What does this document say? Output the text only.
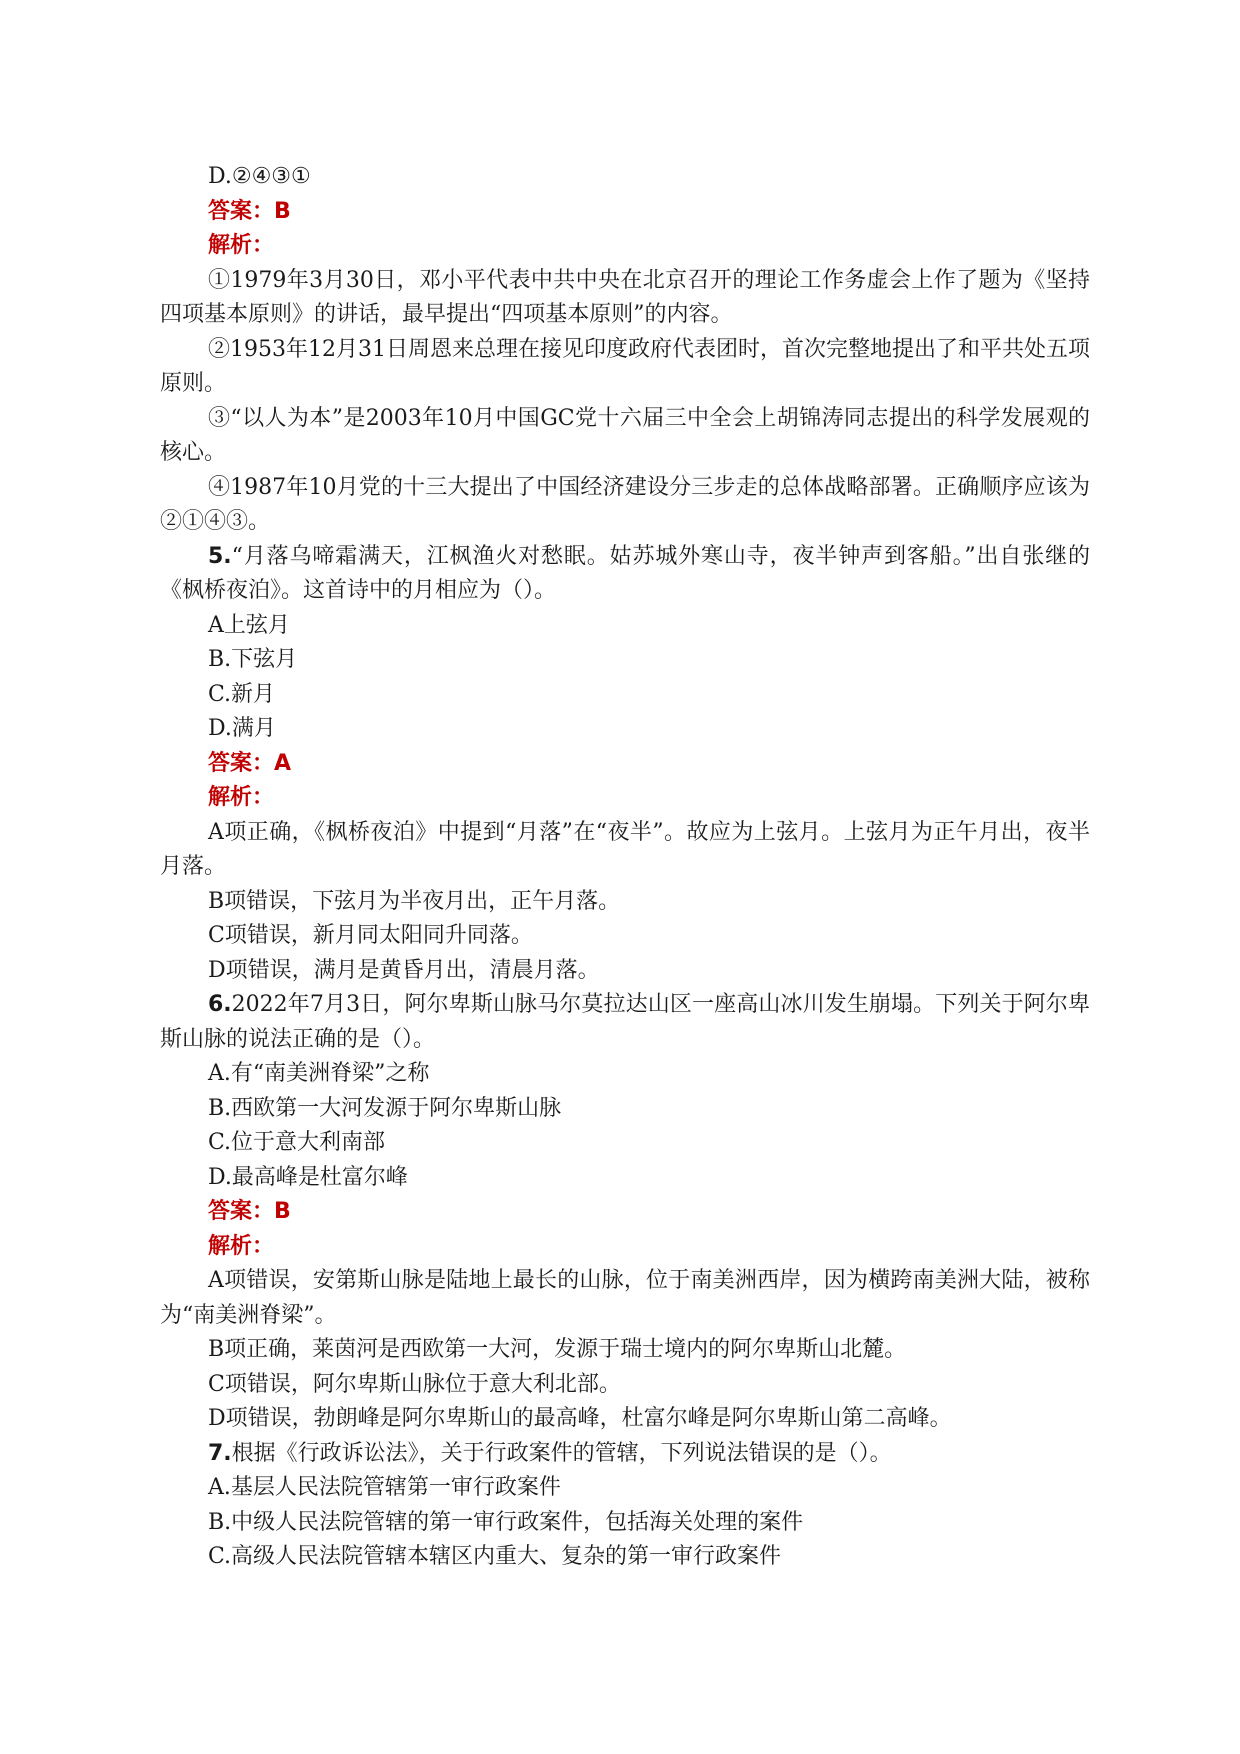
D.②④③①

答案：B

解析：

①1979年3月30日，邓小平代表中共中央在北京召开的理论工作务虚会上作了题为《坚持四项基本原则》的讲话，最早提出“四项基本原则”的内容。

②1953年12月31日周恩来总理在接见印度政府代表团时，首次完整地提出了和平共处五项原则。

③“以人为本”是2003年10月中国GC党十六届三中全会上胡锦涛同志提出的科学发展观的核心。

④1987年10月党的十三大提出了中国经济建设分三步走的总体战略部署。正确顺序应该为②①④③。

5.“月落乌啼霜满天，江枫渔火对愁眠。姑苏城外寒山寺，夜半钟声到客船。”出自张继的《枫桥夜泊》。这首诗中的月相应为（）。

A上弦月

B.下弦月

C.新月

D.满月

答案：A

解析：

A项正确，《枫桥夜泊》中提到“月落”在“夜半”。故应为上弦月。上弦月为正午月出，夜半月落。

B项错误，下弦月为半夜月出，正午月落。

C项错误，新月同太阳同升同落。

D项错误，满月是黄昏月出，清晨月落。

6.2022年7月3日，阿尔卑斯山脉马尔莫拉达山区一座高山冰川发生崩塌。下列关于阿尔卑斯山脉的说法正确的是（）。

A.有“南美洲脊梁”之称

B.西欧第一大河发源于阿尔卑斯山脉

C.位于意大利南部

D.最高峰是杜富尔峰

答案：B

解析：

A项错误，安第斯山脉是陆地上最长的山脉，位于南美洲西岸，因为横跨南美洲大陆，被称为“南美洲脊梁”。

B项正确，莱茵河是西欧第一大河，发源于瑞士境内的阿尔卑斯山北麓。

C项错误，阿尔卑斯山脉位于意大利北部。

D项错误，勃朗峰是阿尔卑斯山的最高峰，杜富尔峰是阿尔卑斯山第二高峰。

7.根据《行政诉讼法》，关于行政案件的管辖，下列说法错误的是（）。

A.基层人民法院管辖第一审行政案件

B.中级人民法院管辖的第一审行政案件，包括海关处理的案件

C.高级人民法院管辖本辖区内重大、复杂的第一审行政案件
